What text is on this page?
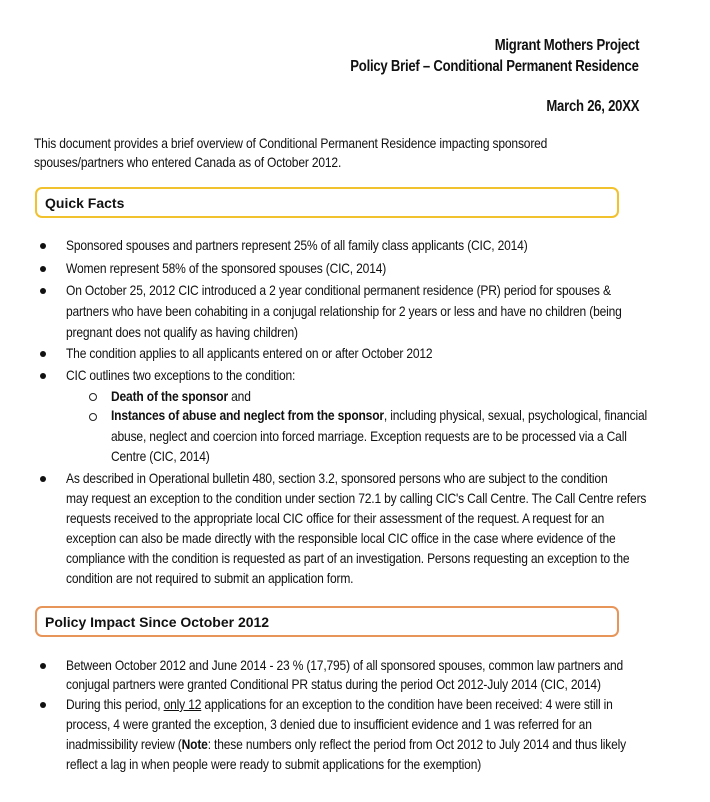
Migrant Mothers Project
Policy Brief – Conditional Permanent Residence
March 26, 20XX
This document provides a brief overview of Conditional Permanent Residence impacting sponsored
spouses/partners who entered Canada as of October 2012.
Quick Facts
Sponsored spouses and partners represent 25% of all family class applicants (CIC, 2014)
Women represent 58% of the sponsored spouses (CIC, 2014)
On October 25, 2012 CIC introduced a 2 year conditional permanent residence (PR) period for spouses &
partners who have been cohabiting in a conjugal relationship for 2 years or less and have no children (being
pregnant does not qualify as having children)
The condition applies to all applicants entered on or after October 2012
CIC outlines two exceptions to the condition:
Death of the sponsor and
Instances of abuse and neglect from the sponsor, including physical, sexual, psychological, financial
abuse, neglect and coercion into forced marriage. Exception requests are to be processed via a Call
Centre (CIC, 2014)
As described in Operational bulletin 480, section 3.2, sponsored persons who are subject to the condition
may request an exception to the condition under section 72.1 by calling CIC's Call Centre. The Call Centre refers
requests received to the appropriate local CIC office for their assessment of the request. A request for an
exception can also be made directly with the responsible local CIC office in the case where evidence of the
compliance with the condition is requested as part of an investigation. Persons requesting an exception to the
condition are not required to submit an application form.
Policy Impact Since October 2012
Between October 2012 and June 2014 - 23 % (17,795) of all sponsored spouses, common law partners and
conjugal partners were granted Conditional PR status during the period Oct 2012-July 2014 (CIC, 2014)
During this period, only 12 applications for an exception to the condition have been received: 4 were still in
process, 4 were granted the exception, 3 denied due to insufficient evidence and 1 was referred for an
inadmissibility review (Note: these numbers only reflect the period from Oct 2012 to July 2014 and thus likely
reflect a lag in when people were ready to submit applications for the exemption)
